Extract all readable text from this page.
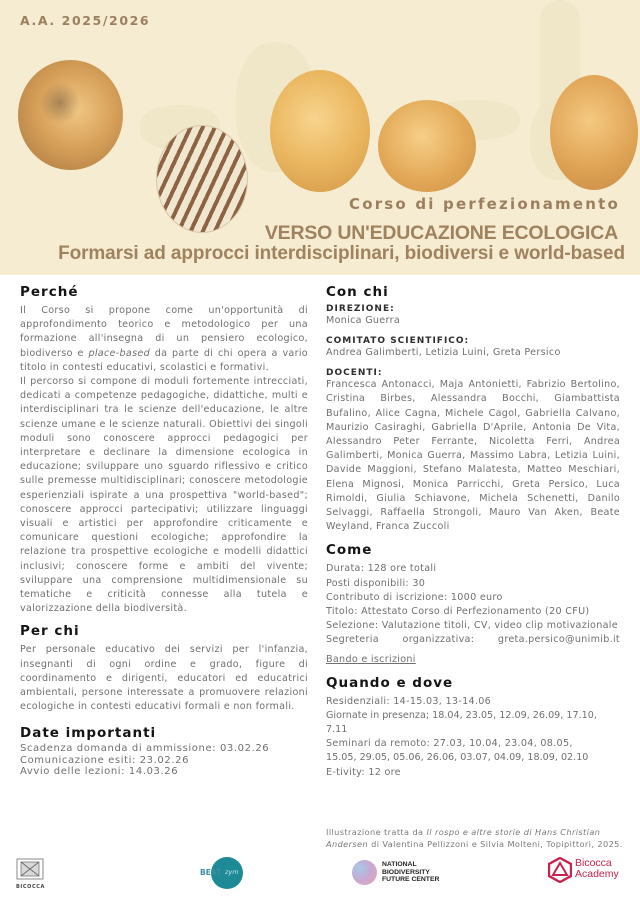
A.A. 2025/2026
Corso di perfezionamento
VERSO UN'EDUCAZIONE ECOLOGICA
Formarsi ad approcci interdisciplinari, biodiversi e world-based
Perché

Il Corso si propone come un'opportunità di approfondimento teorico e metodologico per una formazione all'insegna di un pensiero ecologico, biodiverso e place-based da parte di chi opera a vario titolo in contesti educativi, scolastici e formativi.

Il percorso si compone di moduli fortemente intrecciati, dedicati a competenze pedagogiche, didattiche, multi e interdisciplinari tra le scienze dell'educazione, le altre scienze umane e le scienze naturali. Obiettivi dei singoli moduli sono conoscere approcci pedagogici per interpretare e declinare la dimensione ecologica in educazione; sviluppare uno sguardo riflessivo e critico sulle premesse multidisciplinari; conoscere metodologie esperienziali ispirate a una prospettiva "world-based"; conoscere approcci partecipativi; utilizzare linguaggi visuali e artistici per approfondire criticamente e comunicare questioni ecologiche; approfondire la relazione tra prospettive ecologiche e modelli didattici inclusivi; conoscere forme e ambiti del vivente; sviluppare una comprensione multidimensionale su tematiche e criticità connesse alla tutela e valorizzazione della biodiversità.

Per chi
Per personale educativo dei servizi per l'infanzia, insegnanti di ogni ordine e grado, figure di coordinamento e dirigenti, educatori ed educatrici ambientali, persone interessate a promuovere relazioni ecologiche in contesti educativi formali e non formali.
Date importanti
Scadenza domanda di ammissione: 03.02.26
Comunicazione esiti: 23.02.26
Avvio delle lezioni: 14.03.26
Con chi
DIREZIONE:
Monica Guerra
COMITATO SCIENTIFICO:
Andrea Galimberti, Letizia Luini, Greta Persico
DOCENTI:
Francesca Antonacci, Maja Antonietti, Fabrizio Bertolino, Cristina Birbes, Alessandra Bocchi, Giambattista Bufalino, Alice Cagna, Michele Cagol, Gabriella Calvano, Maurizio Casiraghi, Gabriella D'Aprile, Antonia De Vita, Alessandro Peter Ferrante, Nicoletta Ferri, Andrea Galimberti, Monica Guerra, Massimo Labra, Letizia Luini, Davide Maggioni, Stefano Malatesta, Matteo Meschiari, Elena Mignosi, Monica Parricchi, Greta Persico, Luca Rimoldi, Giulia Schiavone, Michela Schenetti, Danilo Selvaggi, Raffaella Strongoli, Mauro Van Aken, Beate Weyland, Franca Zuccoli
Come
Durata: 128 ore totali
Posti disponibili: 30
Contributo di iscrizione: 1000 euro
Titolo: Attestato Corso di Perfezionamento (20 CFU)
Selezione: Valutazione titoli, CV, video clip motivazionale
Segreteria organizzativa: greta.persico@unimib.it
Bando e iscrizioni
Quando e dove
Residenziali: 14-15.03, 13-14.06
Giornate in presenza; 18.04, 23.05, 12.09, 26.09, 17.10, 7.11
Seminari da remoto: 27.03, 10.04, 23.04, 08.05,
15.05, 29.05, 05.06, 26.06, 03.07, 04.09, 18.09, 02.10
E-tivity: 12 ore
Illustrazione tratta da Il rospo e altre storie di Hans Christian
Andersen di Valentina Pellizzoni e Silvia Molteni, Topipittori, 2025.
BICOCCA
BEAT zym
NATIONAL
BIODIVERSITY
FUTURE CENTER
Bicocca
Academy
